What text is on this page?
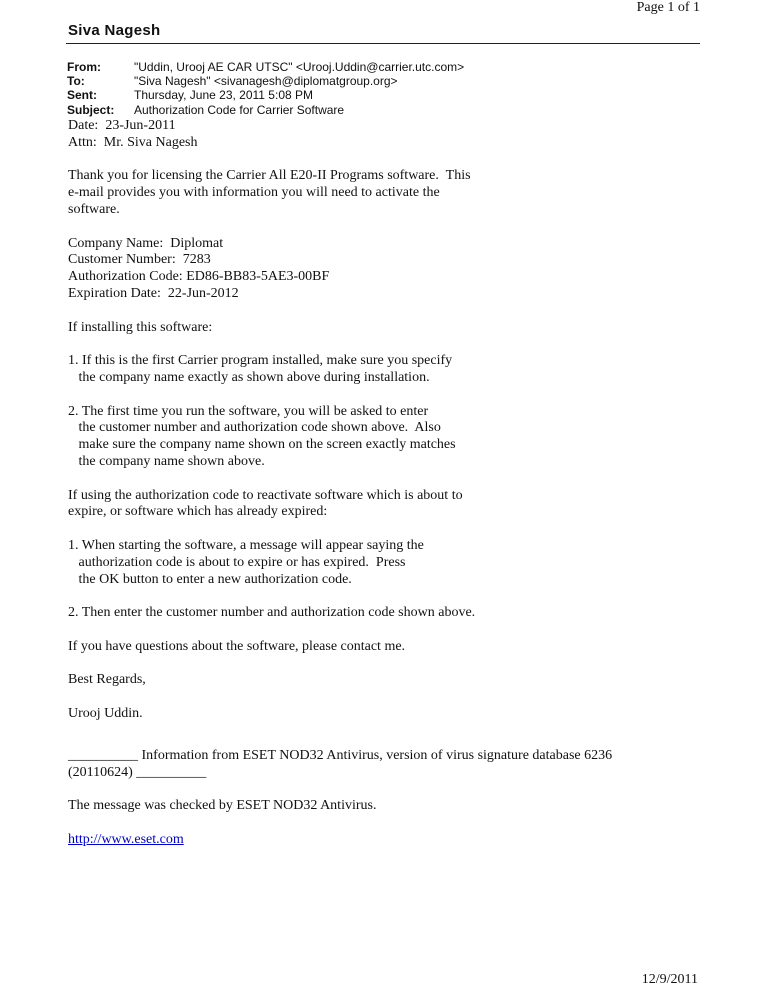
Page 1 of 1
Siva Nagesh
From:	"Uddin, Urooj AE CAR UTSC" <Urooj.Uddin@carrier.utc.com>
To:	"Siva Nagesh" <sivanagesh@diplomatgroup.org>
Sent:	Thursday, June 23, 2011 5:08 PM
Subject:	Authorization Code for Carrier Software
Date:  23-Jun-2011
Attn:  Mr. Siva Nagesh
Thank you for licensing the Carrier All E20-II Programs software.  This
e-mail provides you with information you will need to activate the
software.
Company Name:  Diplomat
Customer Number:  7283
Authorization Code: ED86-BB83-5AE3-00BF
Expiration Date:  22-Jun-2012
If installing this software:
1. If this is the first Carrier program installed, make sure you specify
the company name exactly as shown above during installation.
2. The first time you run the software, you will be asked to enter
the customer number and authorization code shown above.  Also
make sure the company name shown on the screen exactly matches
the company name shown above.
If using the authorization code to reactivate software which is about to
expire, or software which has already expired:
1. When starting the software, a message will appear saying the
authorization code is about to expire or has expired.  Press
the OK button to enter a new authorization code.
2. Then enter the customer number and authorization code shown above.
If you have questions about the software, please contact me.
Best Regards,
Urooj Uddin.
__________ Information from ESET NOD32 Antivirus, version of virus signature database 6236
(20110624) __________
The message was checked by ESET NOD32 Antivirus.
http://www.eset.com
12/9/2011
